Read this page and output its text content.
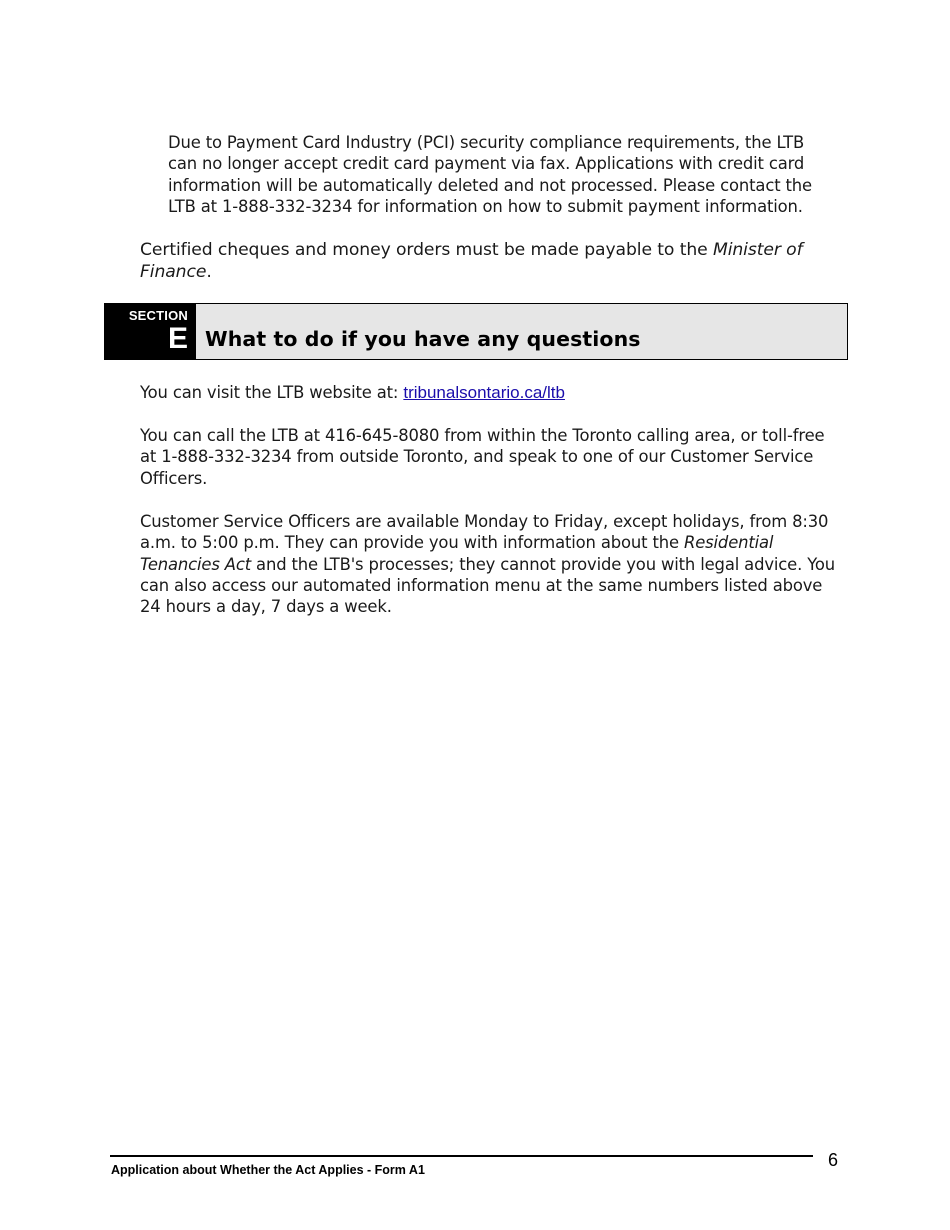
Due to Payment Card Industry (PCI) security compliance requirements, the LTB can no longer accept credit card payment via fax. Applications with credit card information will be automatically deleted and not processed. Please contact the LTB at 1-888-332-3234 for information on how to submit payment information.
Certified cheques and money orders must be made payable to the Minister of Finance.
SECTION
E What to do if you have any questions
You can visit the LTB website at: tribunalsontario.ca/ltb
You can call the LTB at 416-645-8080 from within the Toronto calling area, or toll-free at 1-888-332-3234 from outside Toronto, and speak to one of our Customer Service Officers.
Customer Service Officers are available Monday to Friday, except holidays, from 8:30 a.m. to 5:00 p.m. They can provide you with information about the Residential Tenancies Act and the LTB's processes; they cannot provide you with legal advice. You can also access our automated information menu at the same numbers listed above 24 hours a day, 7 days a week.
Application about Whether the Act Applies - Form A1	6
